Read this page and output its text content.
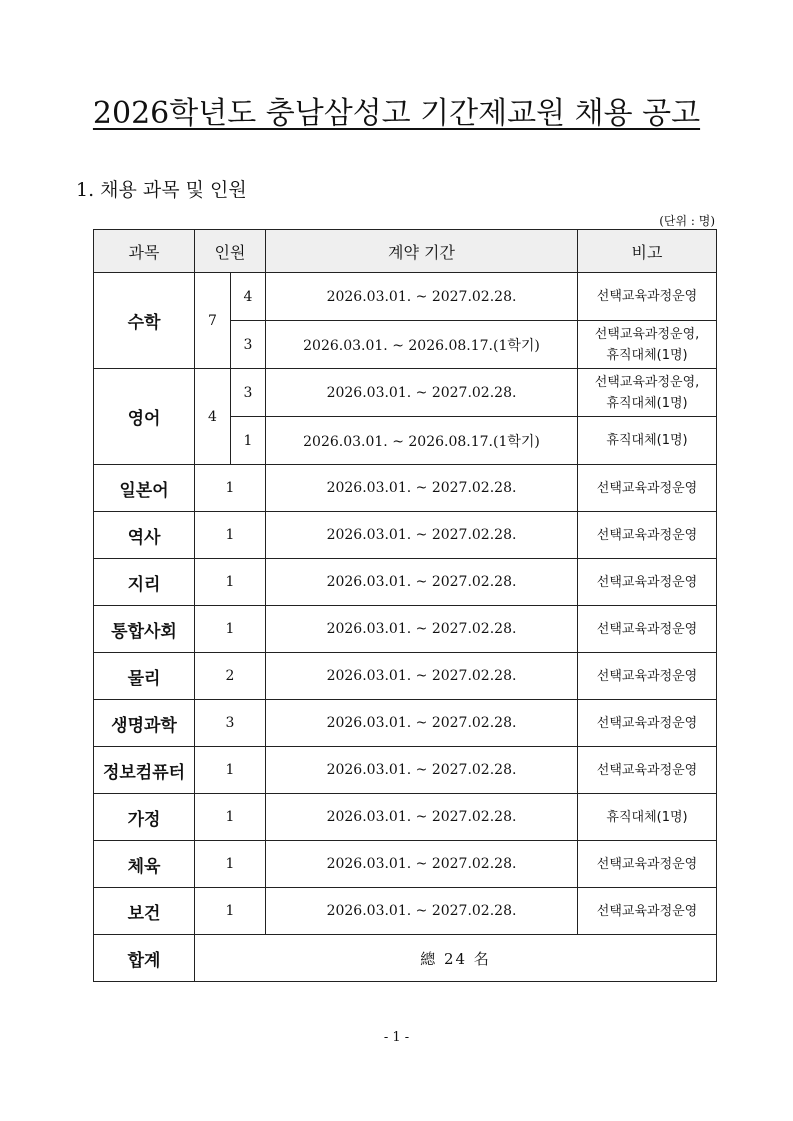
2026학년도 충남삼성고 기간제교원 채용 공고
1. 채용 과목 및 인원
(단위 : 명)
과목	인원		계약 기간	비고
수학	7	4	2026.03.01. ~ 2027.02.28.	선택교육과정운영
		3	2026.03.01. ~ 2026.08.17.(1학기)	선택교육과정운영,
휴직대체(1명)

영어	4	3	2026.03.01. ~ 2027.02.28.	선택교육과정운영,
휴직대체(1명)

		1	2026.03.01. ~ 2026.08.17.(1학기)	휴직대체(1명)
일본어	1		2026.03.01. ~ 2027.02.28.	선택교육과정운영
역사	1		2026.03.01. ~ 2027.02.28.	선택교육과정운영
지리	1		2026.03.01. ~ 2027.02.28.	선택교육과정운영
통합사회	1		2026.03.01. ~ 2027.02.28.	선택교육과정운영
물리	2		2026.03.01. ~ 2027.02.28.	선택교육과정운영
생명과학	3		2026.03.01. ~ 2027.02.28.	선택교육과정운영
정보컴퓨터	1		2026.03.01. ~ 2027.02.28.	선택교육과정운영
가정	1		2026.03.01. ~ 2027.02.28.	휴직대체(1명)
체육	1		2026.03.01. ~ 2027.02.28.	선택교육과정운영
보건	1		2026.03.01. ~ 2027.02.28.	선택교육과정운영
합계	總 24 名			
- 1 -
